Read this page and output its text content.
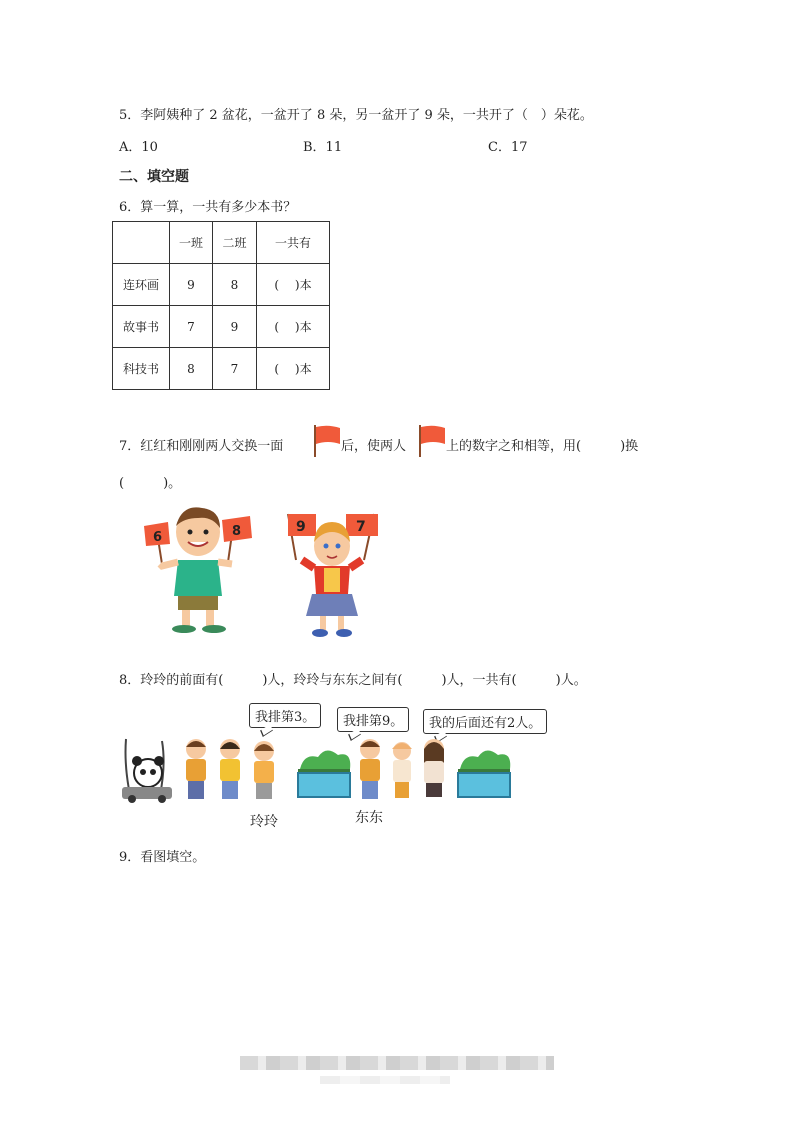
5．李阿姨种了 2 盆花，一盆开了 8 朵，另一盆开了 9 朵，一共开了（　）朵花。
A．10	B．11	C．17
二、填空题
6．算一算，一共有多少本书？
	一班	二班	一共有
连环画	9	8	(　 )本
故事书	7	9	(　 )本
科技书	8	7	(　 )本
7．红红和刚刚两人交换一面	后，使两人	上的数字之和相等，用(　　　)换
(　　　)。
6	8	9	7
8．玲玲的前面有(　　　)人，玲玲与东东之间有(　　　)人，一共有(　　　)人。
我排第3。	我排第9。	我的后面还有2人。
玲玲	东东
9．看图填空。
